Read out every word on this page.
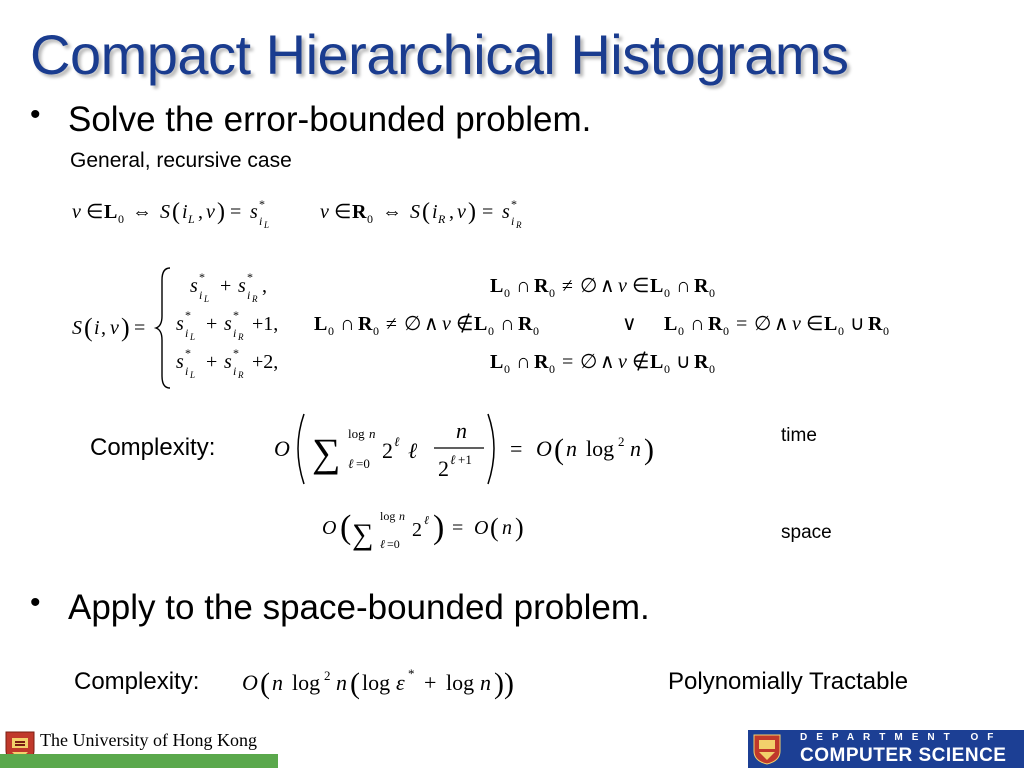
Compact Hierarchical Histograms
• Solve the error-bounded problem.
General, recursive case
v ∈ L 0 ⇔ S ( i L , v ) = s *
i L
v ∈ R 0 ⇔ S ( i R , v ) = s *
i R
S ( i , v ) =
s *
i L
+ s *
i R
,	L 0 ∩ R 0 ≠ ∅ ∧ v ∈ L 0 ∩ R 0
s *
i L
+ s *
i R
+1, L 0 ∩ R 0 ≠ ∅ ∧ v ∉ L 0 ∩ R 0	∨ L 0 ∩ R 0 = ∅ ∧ v ∈ L 0 ∪ R 0
s *
i L
+ s *
i R
+2,	L 0 ∩ R 0 = ∅ ∧ v ∉ L 0 ∪ R 0
Complexity:	O ∑ log n
ℓ =0
2 ℓ ℓ
n
2 ℓ +1 = O ( n log 2 n )	time
O ( ∑
log n
ℓ =0
2 ℓ ) = O ( n )	space
• Apply to the space-bounded problem.
Complexity: O ( n log 2 n ( log ε * + log n ))	Polynomially Tractable
The University of Hong Kong	DEPARTMENT OF
COMPUTER SCIENCE
